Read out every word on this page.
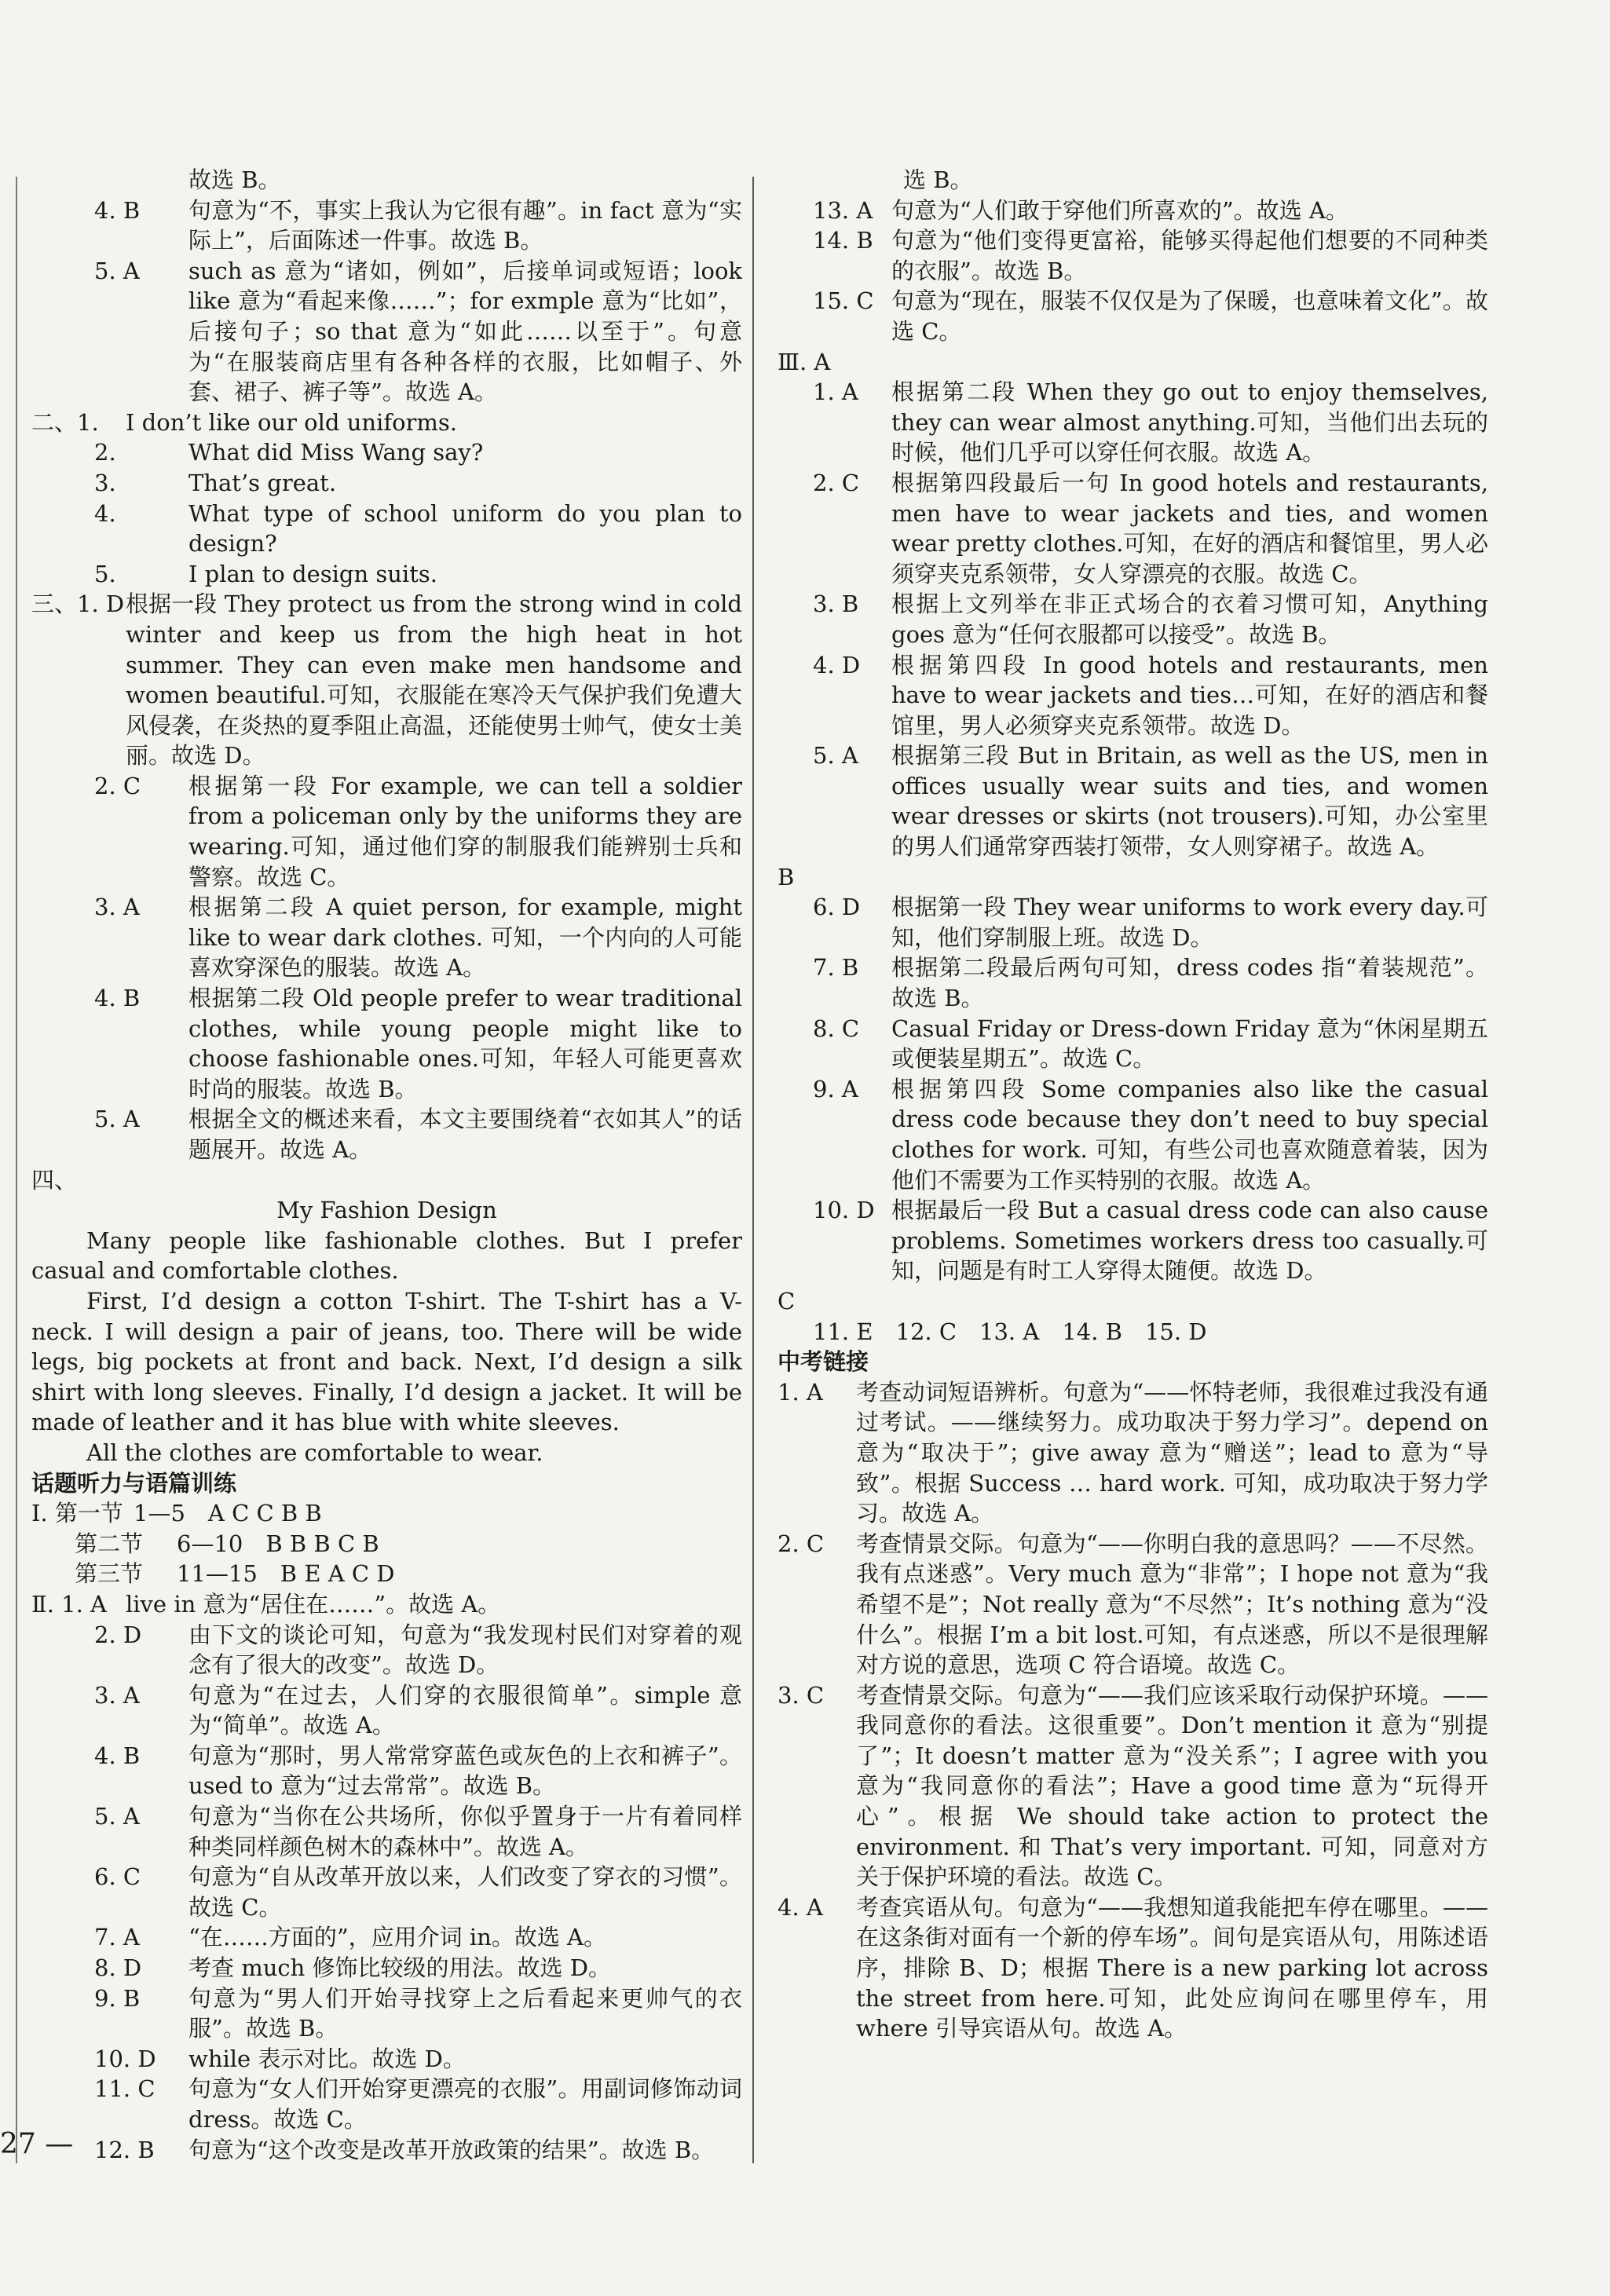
故选 B。
4. B	句意为“不，事实上我认为它很有趣”。in fact 意为“实际上”，后面陈述一件事。故选 B。
5. A	such as 意为“诸如，例如”，后接单词或短语；look like 意为“看起来像……”；for exmple 意为“比如”，后接句子；so that 意为“如此……以至于”。句意为“在服装商店里有各种各样的衣服，比如帽子、外套、裙子、裤子等”。故选 A。
二、1.	I don’t like our old uniforms.
2.	What did Miss Wang say?
3.	That’s great.
4.	What type of school uniform do you plan to design?
5.	I plan to design suits.
三、1. D 根据一段 They protect us from the strong wind in cold winter and keep us from the high heat in hot summer. They can even make men handsome and women beautiful.可知，衣服能在寒冷天气保护我们免遭大风侵袭，在炎热的夏季阻止高温，还能使男士帅气，使女士美丽。故选 D。
2. C	根据第一段 For example, we can tell a soldier from a policeman only by the uniforms they are wearing.可知，通过他们穿的制服我们能辨别士兵和警察。故选 C。
3. A	根据第二段 A quiet person, for example, might like to wear dark clothes. 可知，一个内向的人可能喜欢穿深色的服装。故选 A。
4. B	根据第二段 Old people prefer to wear traditional clothes, while young people might like to choose fashionable ones.可知，年轻人可能更喜欢时尚的服装。故选 B。
5. A	根据全文的概述来看，本文主要围绕着“衣如其人”的话题展开。故选 A。
四、
My Fashion Design
Many people like fashionable clothes. But I prefer casual and comfortable clothes.
First, I’d design a cotton T-shirt. The T-shirt has a V-neck. I will design a pair of jeans, too. There will be wide legs, big pockets at front and back. Next, I’d design a silk shirt with long sleeves. Finally, I’d design a jacket. It will be made of leather and it has blue with white sleeves.
All the clothes are comfortable to wear.
话题听力与语篇训练
Ⅰ. 第一节 1—5　A C C B B
第二节	6—10　B B B C B
第三节	11—15　B E A C D
Ⅱ. 1. A live in 意为“居住在……”。故选 A。
2. D	由下文的谈论可知，句意为“我发现村民们对穿着的观念有了很大的改变”。故选 D。
3. A	句意为“在过去，人们穿的衣服很简单”。simple 意为“简单”。故选 A。
4. B	句意为“那时，男人常常穿蓝色或灰色的上衣和裤子”。used to 意为“过去常常”。故选 B。
5. A	句意为“当你在公共场所，你似乎置身于一片有着同样种类同样颜色树木的森林中”。故选 A。
6. C	句意为“自从改革开放以来，人们改变了穿衣的习惯”。故选 C。
7. A	“在……方面的”，应用介词 in。故选 A。
8. D	考查 much 修饰比较级的用法。故选 D。
9. B	句意为“男人们开始寻找穿上之后看起来更帅气的衣服”。故选 B。
10. D	while 表示对比。故选 D。
11. C	句意为“女人们开始穿更漂亮的衣服”。用副词修饰动词 dress。故选 C。
12. B	句意为“这个改变是改革开放政策的结果”。故选 B。
选 B。
13. A 句意为“人们敢于穿他们所喜欢的”。故选 A。
14. B 句意为“他们变得更富裕，能够买得起他们想要的不同种类的衣服”。故选 B。
15. C 句意为“现在，服装不仅仅是为了保暖，也意味着文化”。故选 C。
Ⅲ. A
1. A	根据第二段 When they go out to enjoy themselves, they can wear almost anything.可知，当他们出去玩的时候，他们几乎可以穿任何衣服。故选 A。
2. C	根据第四段最后一句 In good hotels and restaurants, men have to wear jackets and ties, and women wear pretty clothes.可知，在好的酒店和餐馆里，男人必须穿夹克系领带，女人穿漂亮的衣服。故选 C。
3. B	根据上文列举在非正式场合的衣着习惯可知，Anything goes 意为“任何衣服都可以接受”。故选 B。
4. D	根据第四段 In good hotels and restaurants, men have to wear jackets and ties…可知，在好的酒店和餐馆里，男人必须穿夹克系领带。故选 D。
5. A	根据第三段 But in Britain, as well as the US, men in offices usually wear suits and ties, and women wear dresses or skirts (not trousers).可知，办公室里的男人们通常穿西装打领带，女人则穿裙子。故选 A。
B
6. D	根据第一段 They wear uniforms to work every day.可知，他们穿制服上班。故选 D。
7. B	根据第二段最后两句可知，dress codes 指“着装规范”。故选 B。
8. C	Casual Friday or Dress-down Friday 意为“休闲星期五或便装星期五”。故选 C。
9. A	根据第四段 Some companies also like the casual dress code because they don’t need to buy special clothes for work. 可知，有些公司也喜欢随意着装，因为他们不需要为工作买特别的衣服。故选 A。
10. D 根据最后一段 But a casual dress code can also cause problems. Sometimes workers dress too casually.可知，问题是有时工人穿得太随便。故选 D。
C
11. E　12. C　13. A　14. B　15. D
中考链接
1. A	考查动词短语辨析。句意为“——怀特老师，我很难过我没有通过考试。——继续努力。成功取决于努力学习”。depend on 意为“取决于”；give away 意为“赠送”；lead to 意为“导致”。根据 Success … hard work. 可知，成功取决于努力学习。故选 A。
2. C	考查情景交际。句意为“——你明白我的意思吗？——不尽然。我有点迷惑”。Very much 意为“非常”；I hope not 意为“我希望不是”；Not really 意为“不尽然”；It’s nothing 意为“没什么”。根据 I’m a bit lost.可知，有点迷惑，所以不是很理解对方说的意思，选项 C 符合语境。故选 C。
3. C	考查情景交际。句意为“——我们应该采取行动保护环境。——我同意你的看法。这很重要”。Don’t mention it 意为“别提了”；It doesn’t matter 意为“没关系”；I agree with you 意为“我同意你的看法”；Have a good time 意为“玩得开心”。根据 We should take action to protect the environment. 和 That’s very important. 可知，同意对方关于保护环境的看法。故选 C。
4. A	考查宾语从句。句意为“——我想知道我能把车停在哪里。——在这条街对面有一个新的停车场”。间句是宾语从句，用陈述语序，排除 B、D；根据 There is a new parking lot across the street from here.可知，此处应询问在哪里停车，用 where 引导宾语从句。故选 A。
27 —
